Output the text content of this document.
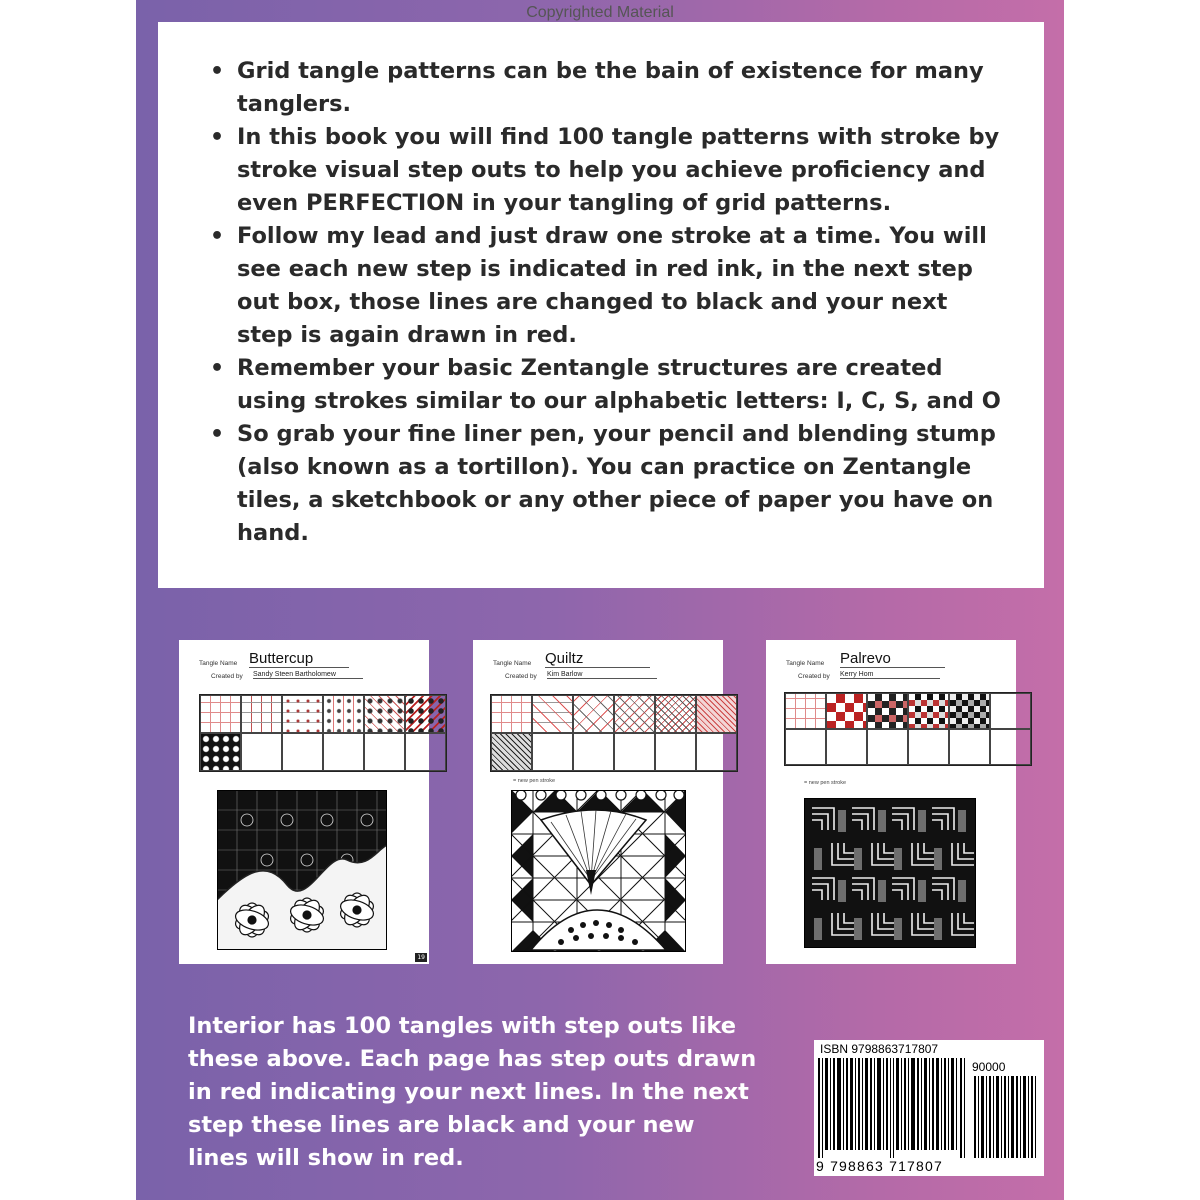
Copyrighted Material
• Grid tangle patterns can be the bain of existence for many tanglers.
• In this book you will find 100 tangle patterns with stroke by stroke visual step outs to help you achieve proficiency and even PERFECTION in your tangling of grid patterns.
• Follow my lead and just draw one stroke at a time. You will see each new step is indicated in red ink, in the next step out box, those lines are changed to black and your next step is again drawn in red.
• Remember your basic Zentangle structures are created using strokes similar to our alphabetic letters: I, C, S, and O
• So grab your fine liner pen, your pencil and blending stump (also known as a tortillon). You can practice on Zentangle tiles, a sketchbook or any other piece of paper you have on hand.
Tangle Name Buttercup
Created by Sandy Steen Bartholomew
19
Tangle Name Quiltz
Created by Kim Barlow
= new pen stroke
Tangle Name Palrevo
Created by Kerry Hom
= new pen stroke
Interior has 100 tangles with step outs like these above. Each page has step outs drawn in red indicating your next lines. In the next step these lines are black and your new lines will show in red.
ISBN 9798863717807
90000
9 798863 717807
